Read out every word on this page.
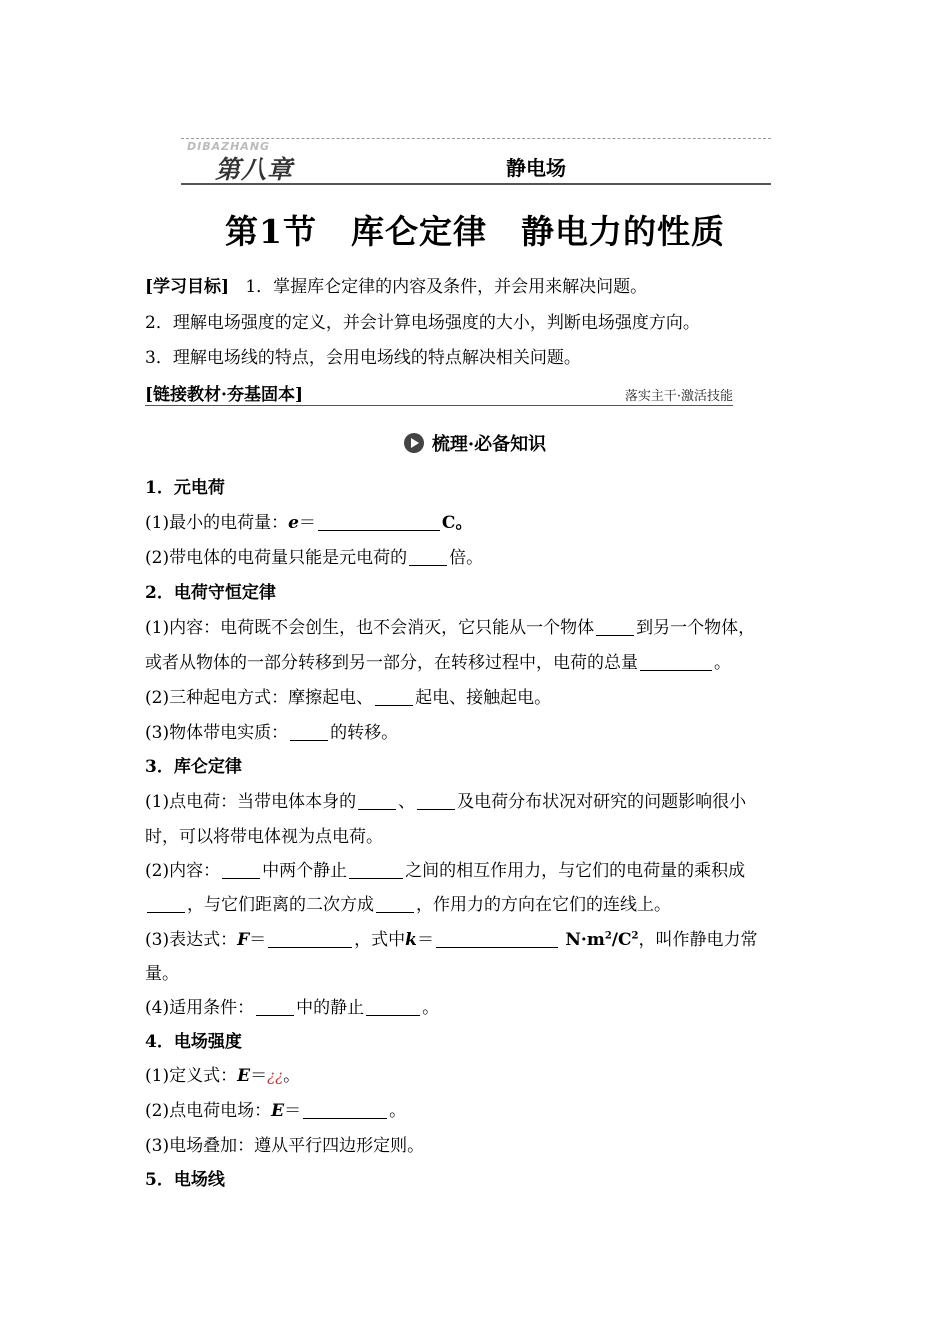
DIBAZHANG
第八章	静电场
第1节　库仑定律　静电力的性质
[学习目标] 1．掌握库仑定律的内容及条件，并会用来解决问题。
2．理解电场强度的定义，并会计算电场强度的大小，判断电场强度方向。
3．理解电场线的特点，会用电场线的特点解决相关问题。
[链接教材·夯基固本]	落实主干·激活技能
梳理·必备知识
1．元电荷
(1)最小的电荷量：e＝	C。
(2)带电体的电荷量只能是元电荷的 倍。
2．电荷守恒定律
(1)内容：电荷既不会创生，也不会消灭，它只能从一个物体 到另一个物体，
或者从物体的一部分转移到另一部分，在转移过程中，电荷的总量	。
(2)三种起电方式：摩擦起电、 起电、接触起电。
(3)物体带电实质： 的转移。
3．库仑定律
(1)点电荷：当带电体本身的 、 及电荷分布状况对研究的问题影响很小
时，可以将带电体视为点电荷。
(2)内容： 中两个静止	之间的相互作用力，与它们的电荷量的乘积成
，与它们距离的二次方成 ，作用力的方向在它们的连线上。
(3)表达式：F＝	，式中k＝	$N\cdot m^2/C^2$，叫作静电力常
量。
(4)适用条件： 中的静止	。
4．电场强度
(1)定义式：E＝¿¿。
(2)点电荷电场：E＝	。
(3)电场叠加：遵从平行四边形定则。
5．电场线
